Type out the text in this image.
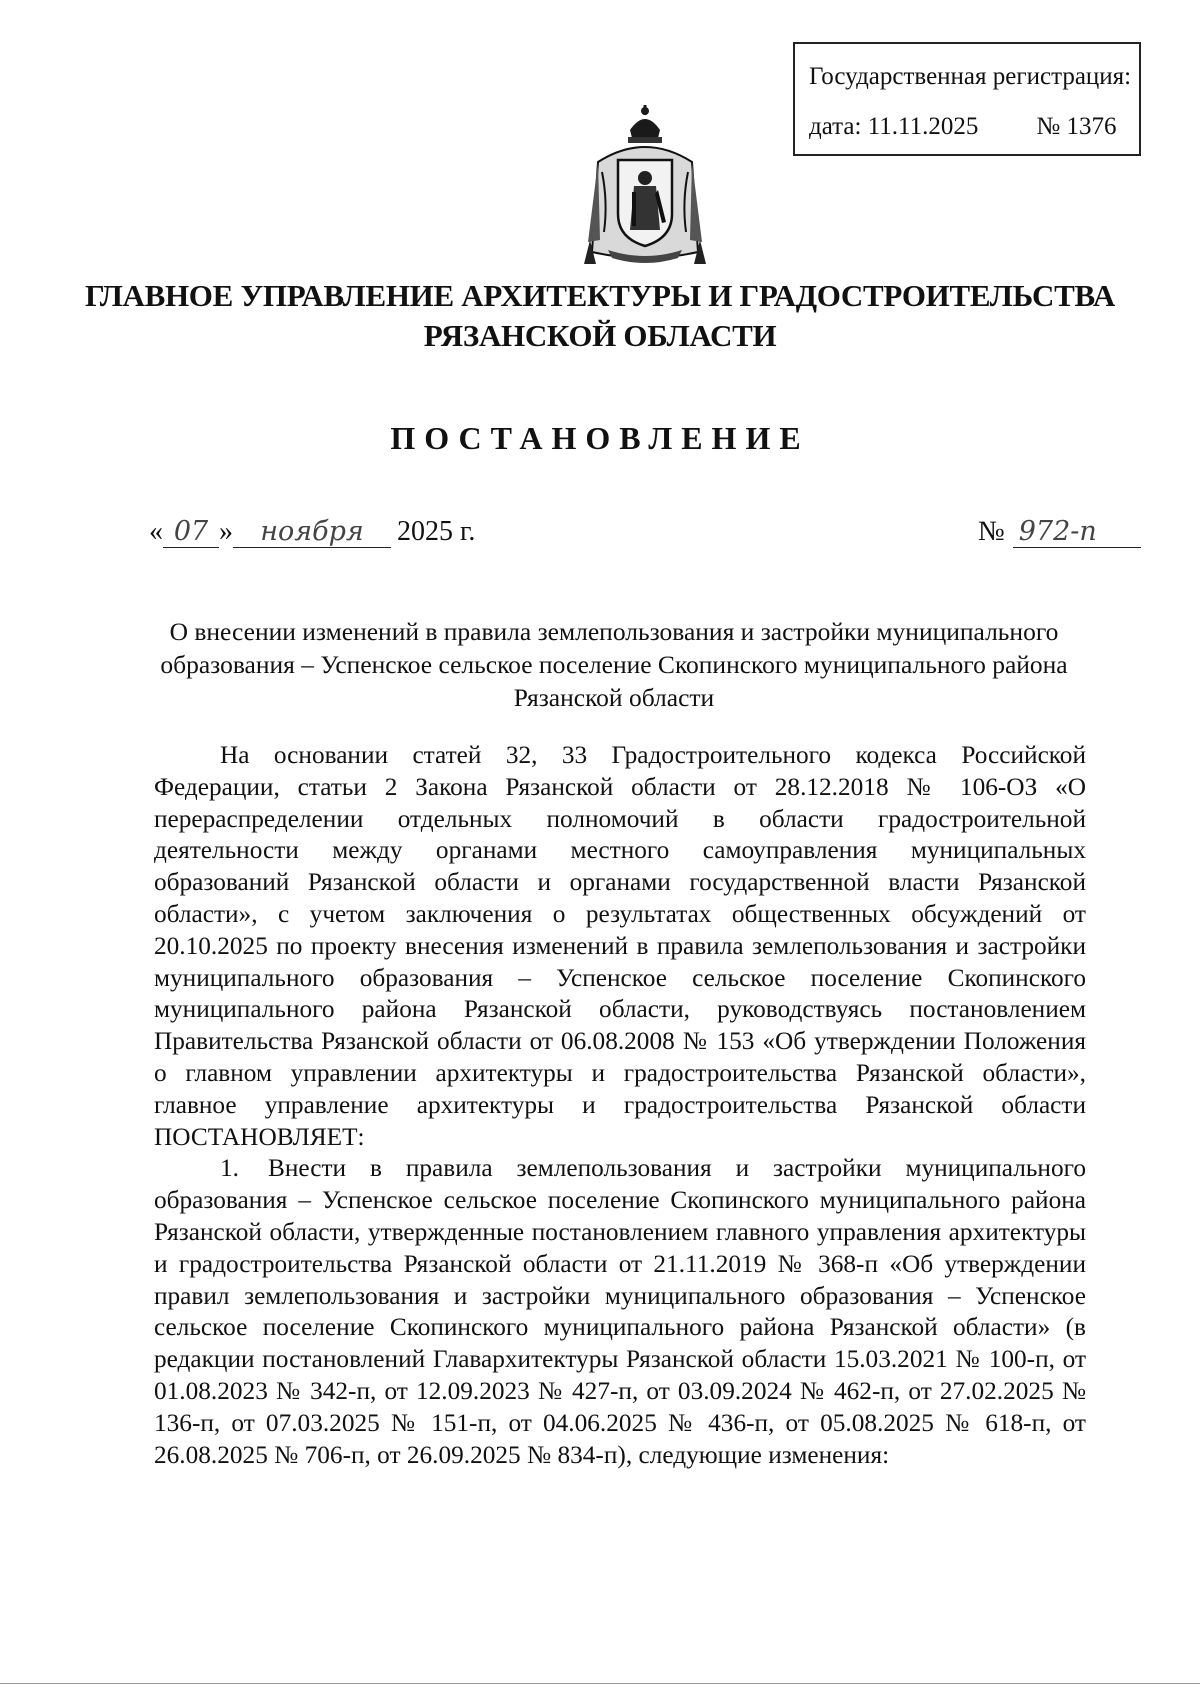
Государственная регистрация:
дата: 11.11.2025 № 1376
ГЛАВНОЕ УПРАВЛЕНИЕ АРХИТЕКТУРЫ И ГРАДОСТРОИТЕЛЬСТВА
РЯЗАНСКОЙ ОБЛАСТИ
ПОСТАНОВЛЕНИЕ
« 07 »	ноября	2025 г.	№ 972-п
О внесении изменений в правила землепользования и застройки муниципального образования – Успенское сельское поселение Скопинского муниципального района Рязанской области

На основании статей 32, 33 Градостроительного кодекса Российской Федерации, статьи 2 Закона Рязанской области от 28.12.2018 № 106-ОЗ «О перераспределении отдельных полномочий в области градостроительной деятельности между органами местного самоуправления муниципальных образований Рязанской области и органами государственной власти Рязанской области», с учетом заключения о результатах общественных обсуждений от 20.10.2025 по проекту внесения изменений в правила землепользования и застройки муниципального образования – Успенское сельское поселение Скопинского муниципального района Рязанской области, руководствуясь постановлением Правительства Рязанской области от 06.08.2008 № 153 «Об утверждении Положения о главном управлении архитектуры и градостроительства Рязанской области», главное управление архитектуры и градостроительства Рязанской области ПОСТАНОВЛЯЕТ:

1. Внести в правила землепользования и застройки муниципального образования – Успенское сельское поселение Скопинского муниципального района Рязанской области, утвержденные постановлением главного управления архитектуры и градостроительства Рязанской области от 21.11.2019 № 368-п «Об утверждении правил землепользования и застройки муниципального образования – Успенское сельское поселение Скопинского муниципального района Рязанской области» (в редакции постановлений Главархитектуры Рязанской области 15.03.2021 № 100-п, от 01.08.2023 № 342-п, от 12.09.2023 № 427-п, от 03.09.2024 № 462-п, от 27.02.2025 № 136-п, от 07.03.2025 № 151-п, от 04.06.2025 № 436-п, от 05.08.2025 № 618-п, от 26.08.2025 № 706-п, от 26.09.2025 № 834-п), следующие изменения:
